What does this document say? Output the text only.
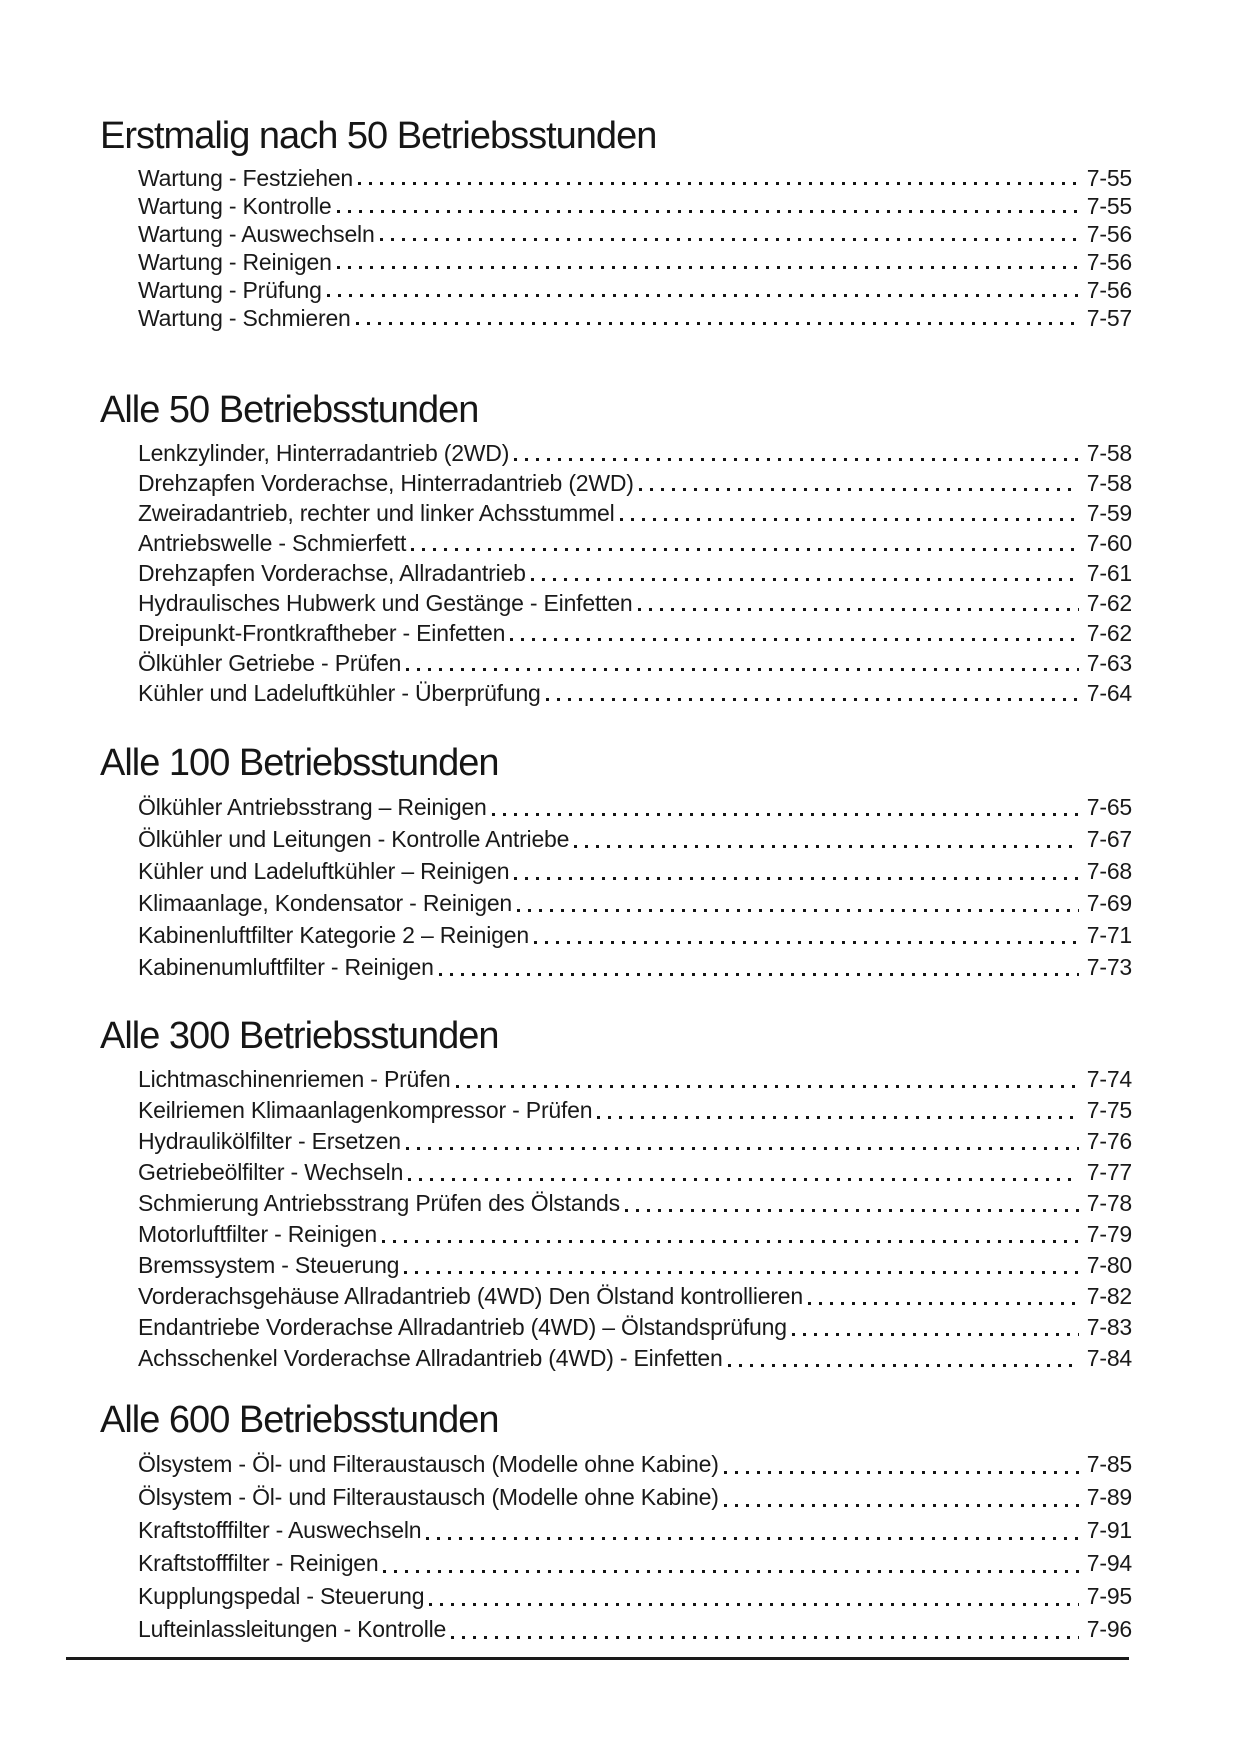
Erstmalig nach 50 Betriebsstunden
Wartung - Festziehen	7-55
Wartung - Kontrolle	7-55
Wartung - Auswechseln	7-56
Wartung - Reinigen	7-56
Wartung - Prüfung	7-56
Wartung - Schmieren	7-57
Alle 50 Betriebsstunden
Lenkzylinder, Hinterradantrieb (2WD)	7-58
Drehzapfen Vorderachse, Hinterradantrieb (2WD)	7-58
Zweiradantrieb, rechter und linker Achsstummel	7-59
Antriebswelle - Schmierfett	7-60
Drehzapfen Vorderachse, Allradantrieb	7-61
Hydraulisches Hubwerk und Gestänge - Einfetten	7-62
Dreipunkt-Frontkraftheber - Einfetten	7-62
Ölkühler Getriebe - Prüfen	7-63
Kühler und Ladeluftkühler - Überprüfung	7-64
Alle 100 Betriebsstunden
Ölkühler Antriebsstrang – Reinigen	7-65
Ölkühler und Leitungen - Kontrolle Antriebe	7-67
Kühler und Ladeluftkühler – Reinigen	7-68
Klimaanlage, Kondensator - Reinigen	7-69
Kabinenluftfilter Kategorie 2 – Reinigen	7-71
Kabinenumluftfilter - Reinigen	7-73
Alle 300 Betriebsstunden
Lichtmaschinenriemen - Prüfen	7-74
Keilriemen Klimaanlagenkompressor - Prüfen	7-75
Hydraulikölfilter - Ersetzen	7-76
Getriebeölfilter - Wechseln	7-77
Schmierung Antriebsstrang Prüfen des Ölstands	7-78
Motorluftfilter - Reinigen	7-79
Bremssystem - Steuerung	7-80
Vorderachsgehäuse Allradantrieb (4WD) Den Ölstand kontrollieren	7-82
Endantriebe Vorderachse Allradantrieb (4WD) – Ölstandsprüfung	7-83
Achsschenkel Vorderachse Allradantrieb (4WD) - Einfetten	7-84
Alle 600 Betriebsstunden
Ölsystem - Öl- und Filteraustausch (Modelle ohne Kabine)	7-85
Ölsystem - Öl- und Filteraustausch (Modelle ohne Kabine)	7-89
Kraftstofffilter - Auswechseln	7-91
Kraftstofffilter - Reinigen	7-94
Kupplungspedal - Steuerung	7-95
Lufteinlassleitungen - Kontrolle	7-96
